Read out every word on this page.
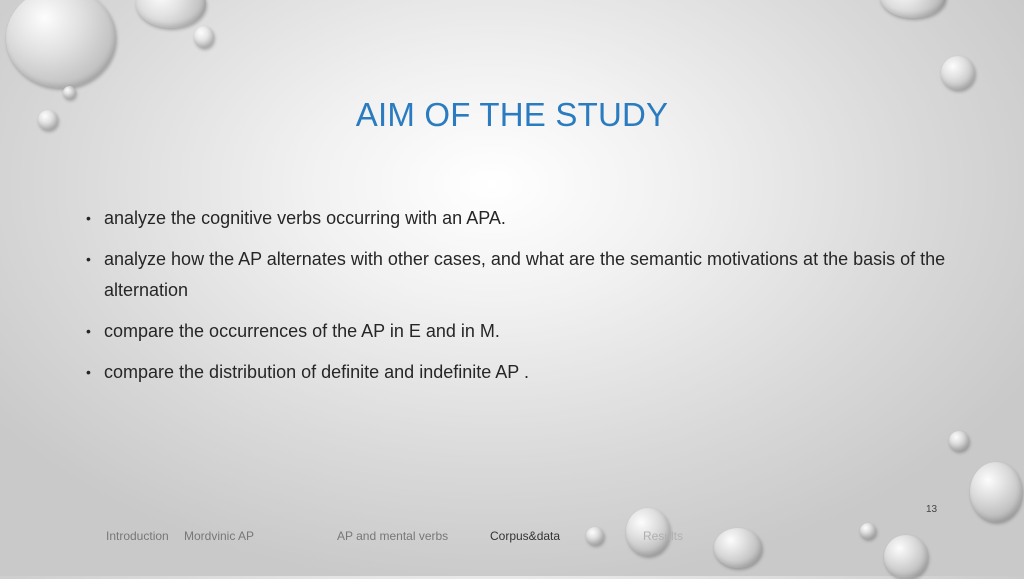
AIM OF THE STUDY
• analyze the cognitive verbs occurring with an APA.
• analyze how the AP alternates with other cases, and what are the semantic motivations at the basis of the alternation
• compare the occurrences of the AP in E and in M.
• compare the distribution of definite and indefinite AP .
13
Introduction Mordvinic AP	AP and mental verbs	Corpus&data	Results
